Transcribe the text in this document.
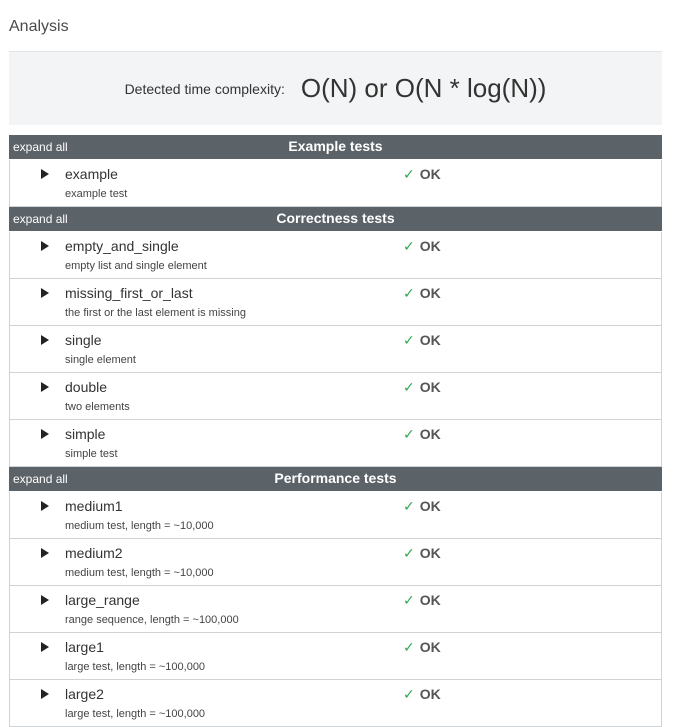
Analysis
Detected time complexity: O(N) or O(N * log(N))
expand all	Example tests
example
example test
✓ OK
expand all	Correctness tests
empty_and_single
empty list and single element
✓ OK
missing_first_or_last
the first or the last element is missing
✓ OK
single
single element
✓ OK
double
two elements
✓ OK
simple
simple test
✓ OK
expand all	Performance tests
medium1
medium test, length = ~10,000
✓ OK
medium2
medium test, length = ~10,000
✓ OK
large_range
range sequence, length = ~100,000
✓ OK
large1
large test, length = ~100,000
✓ OK
large2
large test, length = ~100,000
✓ OK
